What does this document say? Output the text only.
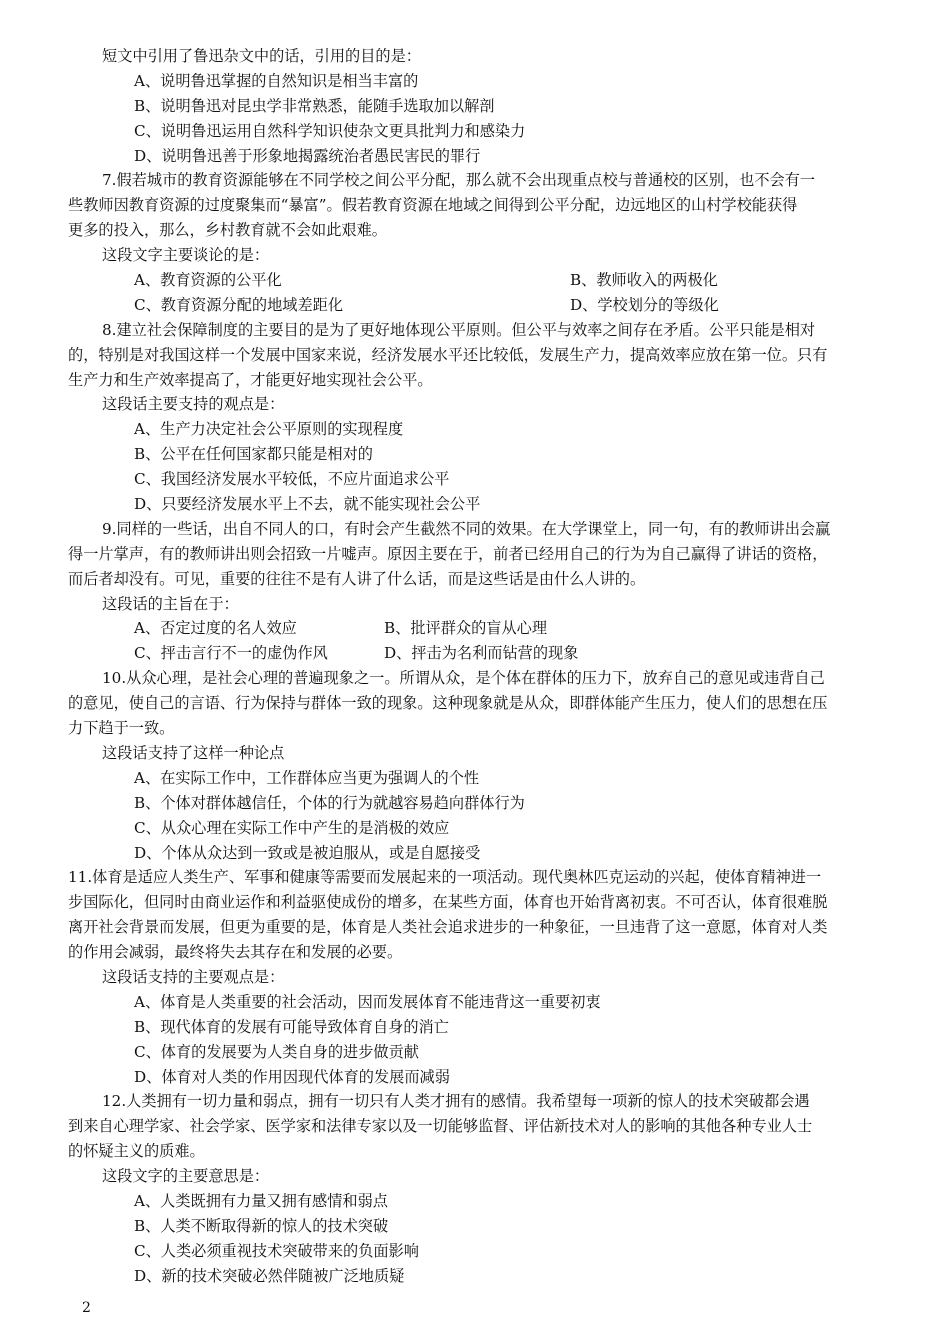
短文中引用了鲁迅杂文中的话，引用的目的是：
A、说明鲁迅掌握的自然知识是相当丰富的
B、说明鲁迅对昆虫学非常熟悉，能随手选取加以解剖
C、说明鲁迅运用自然科学知识使杂文更具批判力和感染力
D、说明鲁迅善于形象地揭露统治者愚民害民的罪行
7.假若城市的教育资源能够在不同学校之间公平分配，那么就不会出现重点校与普通校的区别，也不会有一
些教师因教育资源的过度聚集而“暴富”。假若教育资源在地域之间得到公平分配，边远地区的山村学校能获得
更多的投入，那么，乡村教育就不会如此艰难。
这段文字主要谈论的是：
A、教育资源的公平化	B、教师收入的两极化
C、教育资源分配的地域差距化	D、学校划分的等级化
8.建立社会保障制度的主要目的是为了更好地体现公平原则。但公平与效率之间存在矛盾。公平只能是相对
的，特别是对我国这样一个发展中国家来说，经济发展水平还比较低，发展生产力，提高效率应放在第一位。只有
生产力和生产效率提高了，才能更好地实现社会公平。
这段话主要支持的观点是：
A、生产力决定社会公平原则的实现程度
B、公平在任何国家都只能是相对的
C、我国经济发展水平较低，不应片面追求公平
D、只要经济发展水平上不去，就不能实现社会公平
9.同样的一些话，出自不同人的口，有时会产生截然不同的效果。在大学课堂上，同一句，有的教师讲出会赢
得一片掌声，有的教师讲出则会招致一片嘘声。原因主要在于，前者已经用自己的行为为自己赢得了讲话的资格，
而后者却没有。可见，重要的往往不是有人讲了什么话，而是这些话是由什么人讲的。
这段话的主旨在于：
A、否定过度的名人效应	B、批评群众的盲从心理
C、抨击言行不一的虚伪作风	D、抨击为名利而钻营的现象
10.从众心理，是社会心理的普遍现象之一。所谓从众，是个体在群体的压力下，放弃自己的意见或违背自己
的意见，使自己的言语、行为保持与群体一致的现象。这种现象就是从众，即群体能产生压力，使人们的思想在压
力下趋于一致。
这段话支持了这样一种论点
A、在实际工作中，工作群体应当更为强调人的个性
B、个体对群体越信任，个体的行为就越容易趋向群体行为
C、从众心理在实际工作中产生的是消极的效应
D、个体从众达到一致或是被迫服从，或是自愿接受
11.体育是适应人类生产、军事和健康等需要而发展起来的一项活动。现代奥林匹克运动的兴起，使体育精神进一
步国际化，但同时由商业运作和利益驱使成份的增多，在某些方面，体育也开始背离初衷。不可否认，体育很难脱
离开社会背景而发展，但更为重要的是，体育是人类社会追求进步的一种象征，一旦违背了这一意愿，体育对人类
的作用会减弱，最终将失去其存在和发展的必要。
这段话支持的主要观点是：
A、体育是人类重要的社会活动，因而发展体育不能违背这一重要初衷
B、现代体育的发展有可能导致体育自身的消亡
C、体育的发展要为人类自身的进步做贡献
D、体育对人类的作用因现代体育的发展而减弱
12.人类拥有一切力量和弱点，拥有一切只有人类才拥有的感情。我希望每一项新的惊人的技术突破都会遇
到来自心理学家、社会学家、医学家和法律专家以及一切能够监督、评估新技术对人的影响的其他各种专业人士
的怀疑主义的质难。
这段文字的主要意思是：
A、人类既拥有力量又拥有感情和弱点
B、人类不断取得新的惊人的技术突破
C、人类必须重视技术突破带来的负面影响
D、新的技术突破必然伴随被广泛地质疑
2
